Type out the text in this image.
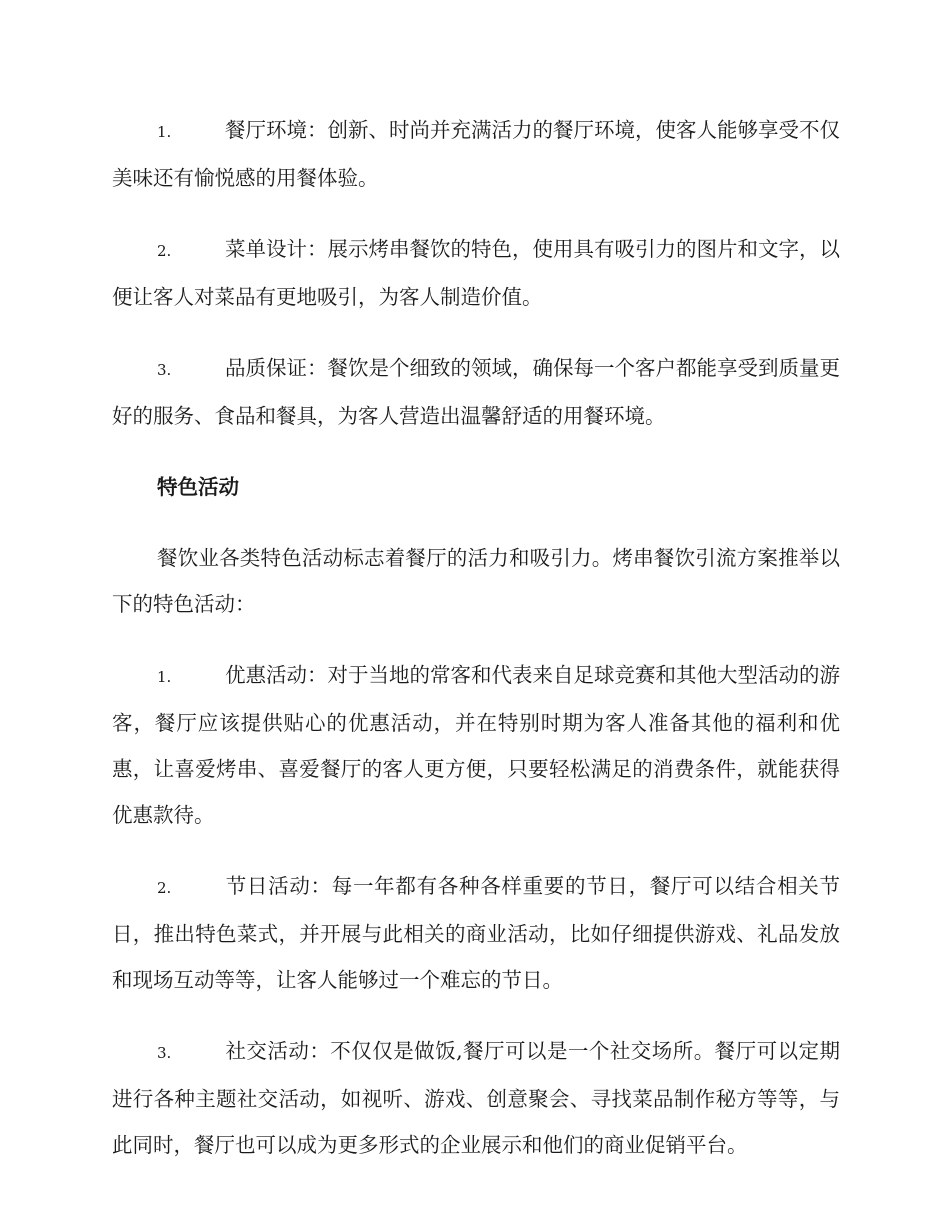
1.	餐厅环境：创新、时尚并充满活力的餐厅环境，使客人能够享受不仅美味还有愉悦感的用餐体验。

2.	菜单设计：展示烤串餐饮的特色，使用具有吸引力的图片和文字，以便让客人对菜品有更地吸引，为客人制造价值。

3.	品质保证：餐饮是个细致的领域，确保每一个客户都能享受到质量更好的服务、食品和餐具，为客人营造出温馨舒适的用餐环境。

特色活动

餐饮业各类特色活动标志着餐厅的活力和吸引力。烤串餐饮引流方案推举以下的特色活动：

1.	优惠活动：对于当地的常客和代表来自足球竞赛和其他大型活动的游客，餐厅应该提供贴心的优惠活动，并在特别时期为客人准备其他的福利和优惠，让喜爱烤串、喜爱餐厅的客人更方便，只要轻松满足的消费条件，就能获得优惠款待。

2.	节日活动：每一年都有各种各样重要的节日，餐厅可以结合相关节日，推出特色菜式，并开展与此相关的商业活动，比如仔细提供游戏、礼品发放和现场互动等等，让客人能够过一个难忘的节日。

3.	社交活动：不仅仅是做饭,餐厅可以是一个社交场所。餐厅可以定期进行各种主题社交活动，如视听、游戏、创意聚会、寻找菜品制作秘方等等，与此同时，餐厅也可以成为更多形式的企业展示和他们的商业促销平台。
